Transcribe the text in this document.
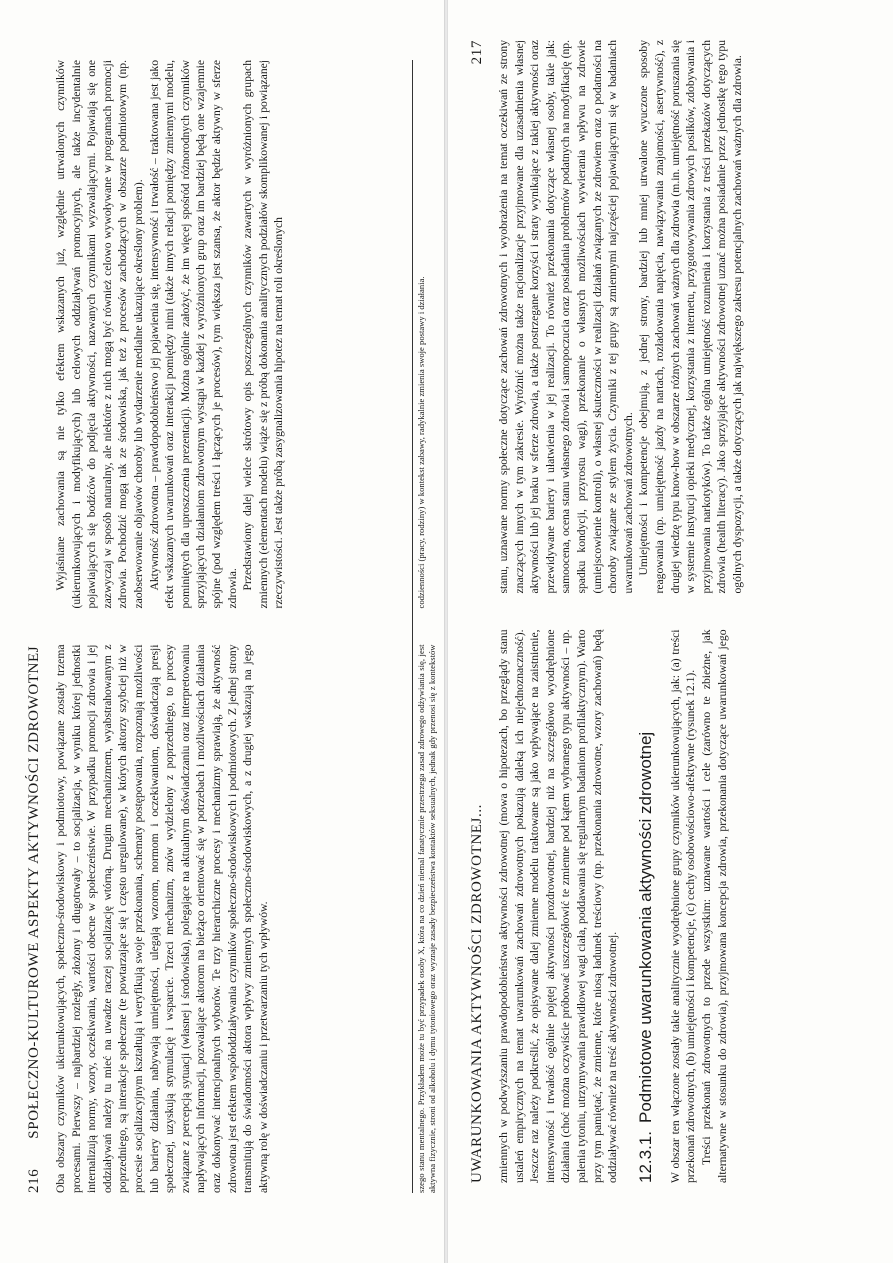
216
SPOŁECZNO-KULTUROWE ASPEKTY AKTYWNOŚCI ZDROWOTNEJ Oba obszary czynników ukierunkowujących, społeczno-środowiskowy i podmiotowy, powiązane zostały trzema procesami. Pierwszy – najbardziej rozległy, złożony i długotrwały – to socjalizacja, w wyniku której jednostki internalizują normy, wzory, oczekiwania, wartości obecne w społeczeństwie. W przypadku promocji zdrowia i jej oddziaływań należy tu mieć na uwadze raczej socjalizację wtórną. Drugim mechanizmem, wyabstrahowanym z poprzedniego, są interakcje społeczne (te powtarzające się i często uregulowane), w których aktorzy szybciej niż w procesie socjalizacyjnym kształtują i weryfikują swoje przekonania, schematy postępowania, rozpoznają możliwości lub bariery działania, nabywają umiejętności, ulegają wzorom, normom i oczekiwaniom, doświadczają presji społecznej, uzyskują stymulację i wsparcie. Trzeci mechanizm, znów wydzielony z poprzedniego, to procesy związane z percepcją sytuacji (własnej i środowiska), polegające na aktualnym doświadczaniu oraz interpretowaniu napływających informacji, pozwalające aktorom na bieżąco orientować się w potrzebach i możliwościach działania oraz dokonywać intencjonalnych wyborów. Te trzy hierarchiczne procesy i mechanizmy sprawiają, że aktywność zdrowotna jest efektem współoddziaływania czynników społeczno-środowiskowych i podmiotowych. Z jednej strony transmitują do świadomości aktora wpływy zmiennych społeczno-środowiskowych, a z drugiej wskazują na jego aktywną rolę w doświadczaniu i przetwarzaniu tych wpływów.

Wyjaśniane zachowania są nie tylko efektem wskazanych już, względnie utrwalonych czynników (ukierunkowujących i modyfikujących) lub celowych oddziaływań promocyjnych, ale także incydentalnie pojawiających się bodźców do podjęcia aktywności, nazwanych czynnikami wyzwalającymi. Pojawiają się one zazwyczaj w sposób naturalny, ale niektóre z nich mogą być również celowo wywoływane w programach promocji zdrowia. Pochodzić mogą tak ze środowiska, jak też z procesów zachodzących w obszarze podmiotowym (np. zaobserwowanie objawów choroby lub wydarzenie medialne ukazujące określony problem). Aktywność zdrowotna – prawdopodobieństwo jej pojawienia się, intensywność i trwałość – traktowana jest jako efekt wskazanych uwarunkowań oraz interakcji pomiędzy nimi (także innych relacji pomiędzy zmiennymi modelu, pominiętych dla uproszczenia prezentacji). Można ogólnie założyć, że im więcej spośród różnorodnych czynników sprzyjających działaniom zdrowotnym wystąpi w każdej z wyróżnionych grup oraz im bardziej będą one wzajemnie spójne (pod względem treści i łączących je procesów), tym większa jest szansa, że aktor będzie aktywny w sferze zdrowia. Przedstawiony dalej wielce skrótowy opis poszczególnych czynników zawartych w wyróżnionych grupach zmiennych (elementach modelu) wiąże się z próbą dokonania analitycznych podziałów skomplikowanej i powiązanej rzeczywistości. Jest także próbą zasygnalizowania hipotez na temat roli określonych

szego stanu mentalnego. Przykładem może tu być przypadek osoby X, która na co dzień niemal fanatycznie przestrzega zasad zdrowego odżywiania się, jest aktywna fizycznie, stroni od alkoholu i dymu tytoniowego oraz wyznaje zasady bezpieczeństwa kontaktów seksualnych, jednak gdy przenosi się z kontekstów codzienności (pracy, rodziny) w kontekst zabawy, radykalnie zmienia swoje postawy i działania.
UWARUNKOWANIA AKTYWNOŚCI ZDROWOTNEJ...
217

zmiennych w podwyższaniu prawdopodobieństwa aktywności zdrowotnej (mowa o hipotezach, bo przeglądy stanu ustaleń empirycznych na temat uwarunkowań zachowań zdrowotnych pokazują daleką ich niejednoznaczność). Jeszcze raz należy podkreślić, że opisywane dalej zmienne modelu traktowane są jako wpływające na zaistnienie, intensywność i trwałość ogólnie pojętej aktywności prozdrowotnej, bardziej niż na szczegółowo wyodrębnione działania (choć można oczywiście próbować uszczegółowić te zmienne pod kątem wybranego typu aktywności – np. palenia tytoniu, utrzymywania prawidłowej wagi ciała, poddawania się regularnym badaniom profilaktycznym). Warto przy tym pamiętać, że zmienne, które niosą ładunek treściowy (np. przekonania zdrowotne, wzory zachowań) będą oddziaływać również na treść aktywności zdrowotnej. 12.3.1.Podmiotowe uwarunkowania aktywności zdrowotnej W obszar ten włączone zostały takie analitycznie wyodrębnione grupy czynników ukierunkowujących, jak: (a) treści przekonań zdrowotnych, (b) umiejętności i kompetencje, (c) cechy osobowościowo-afektywne (rysunek 12.1). Treści przekonań zdrowotnych to przede wszystkim: uznawane wartości i cele (zarówno te zbieżne, jak alternatywne w stosunku do zdrowia), przyjmowana koncepcja zdrowia, przekonania dotyczące uwarunkowań jego stanu, uznawane normy społeczne dotyczące zachowań zdrowotnych i wyobrażenia na temat oczekiwań ze strony znaczących innych w tym zakresie. Wyróżnić można także racjonalizacje przyjmowane dla uzasadnienia własnej aktywności lub jej braku w sferze zdrowia, a także postrzegane korzyści i straty wynikające z takiej aktywności oraz przewidywane bariery i ułatwienia w jej realizacji. To również przekonania dotyczące własnej osoby, takie jak: samoocena, ocena stanu własnego zdrowia i samopoczucia oraz posiadania problemów podatnych na modyfikację (np. spadku kondycji, przyrostu wagi), przekonanie o własnych możliwościach wywierania wpływu na zdrowie (umiejscowienie kontroli), o własnej skuteczności w realizacji działań związanych ze zdrowiem oraz o podatności na choroby związane ze stylem życia. Czynniki z tej grupy są zmiennymi najczęściej pojawiającymi się w badaniach uwarunkowań zachowań zdrowotnych. Umiejętności i kompetencje obejmują, z jednej strony, bardziej lub mniej utrwalone wyuczone sposoby reagowania (np. umiejętność jazdy na nartach, rozładowania napięcia, nawiązywania znajomości, asertywność), z drugiej wiedzę typu know-how w obszarze różnych zachowań ważnych dla zdrowia (m.in. umiejętność poruszania się w systemie instytucji opieki medycznej, korzystania z internetu, przygotowywania zdrowych posiłków, zdobywania i przyjmowania narkotyków). To także ogólna umiejętność rozumienia i korzystania z treści przekazów dotyczących zdrowia (health literacy). Jako sprzyjające aktywności zdrowotnej uznać można posiadanie przez jednostkę tego typu ogólnych dyspozycji, a także dotyczących jak największego zakresu potencjalnych zachowań ważnych dla zdrowia.
